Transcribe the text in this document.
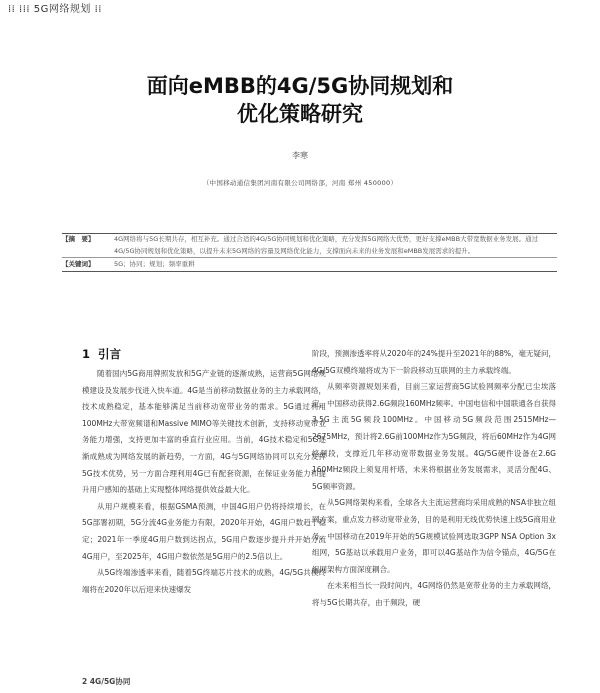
⁞⁞ ⁞⁞⁞ 5G网络规划 ⁞⁞
面向eMBB的4G/5G协同规划和
优化策略研究
李寒
（中国移动通信集团河南有限公司网络部，河南 郑州 450000）
【摘　要】	4G网络将与5G长期共存，相互补充。通过合适的4G/5G协同规划和优化策略，充分发挥5G网络大优势，更好支撑eMBB大带宽数据业务发展。通过4G/5G协同规划和优化策略，以提升未来5G网络的容量及网络优化能力，支撑面向未来的业务发展和eMBB发展需求的提升。
【关键词】	5G；协同；规划；频率重耕
1 引言

随着国内5G商用牌照发放和5G产业链的逐渐成熟，运营商5G网络规模建设及发展步伐进入快车道。4G是当前移动数据业务的主力承载网络，技术成熟稳定，基本能够满足当前移动宽带业务的需求。5G通过利用100MHz大带宽频谱和Massive MIMO等关键技术创新，支持移动宽带业务能力增强，支持更加丰富的垂直行业应用。当前，4G技术稳定和5G逐渐成熟成为网络发展的新趋势，一方面，4G与5G网络协同可以充分发挥5G技术优势，另一方面合理利用4G已有配套资源，在保证业务能力和提升用户感知的基础上实现整体网络提供效益最大化。

从用户规模来看，根据GSMA预测，中国4G用户仍将持续增长，在5G部署初期，5G分流4G业务能力有限，2020年开始，4G用户数趋于稳定；2021年一季度4G用户数到达拐点，5G用户数逐步提升并开始分流4G用户，至2025年，4G用户数依然是5G用户的2.5倍以上。

从5G终端渗透率来看，随着5G终端芯片技术的成熟，4G/5G共模终端将在2020年以后迎来快速爆发

阶段，预测渗透率将从2020年的24%提升至2021年的88%，毫无疑问，4G/5G双模终端将成为下一阶段移动互联网的主力承载终端。

从频率资源规划来看，目前三家运营商5G试验网频率分配已尘埃落定，中国移动获得2.6G频段160MHz频率。中国电信和中国联通各自获得3.5G主流5G频段100MHz。中国移动5G频段范围2515MHz—2675MHz，预计将2.6G前100MHz作为5G频段，将后60MHz作为4G网络频段，支撑近几年移动宽带数据业务发展。4G/5G硬件设备在2.6G 160MHz频段上须复用杆塔，未来将根据业务发展需求，灵活分配4G、5G频率资源。

从5G网络架构来看，全球各大主流运营商均采用成熟的NSA非独立组网方案，重点发力移动宽带业务，目的是利用无线优势快速上线5G商用业务。中国移动在2019年开始的5G规模试验网选取3GPP NSA Option 3x组网，5G基站以承载用户业务，即可以4G基站作为信令锚点，4G/5G在组网架构方面深度耦合。

在未来相当长一段时间内，4G网络仍然是宽带业务的主力承载网络，将与5G长期共存，由于频段，硬

2 4G/5G协同
